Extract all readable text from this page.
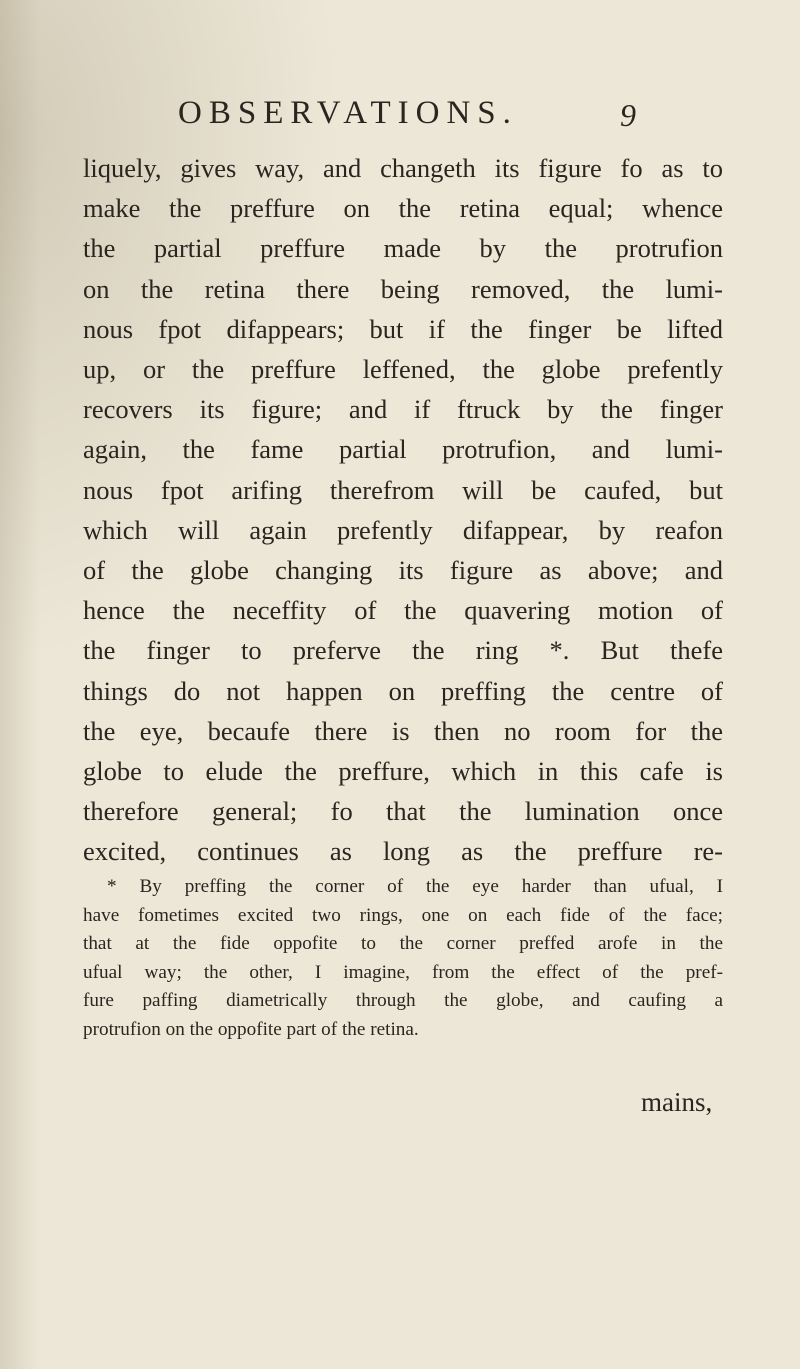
OBSERVATIONS.	9
liquely, gives way, and changeth its figure fo as to
make the preffure on the retina equal; whence
the partial preffure made by the protrufion
on the retina there being removed, the lumi-
nous fpot difappears; but if the finger be lifted
up, or the preffure leffened, the globe prefently
recovers its figure; and if ftruck by the finger
again, the fame partial protrufion, and lumi-
nous fpot arifing therefrom will be caufed, but
which will again prefently difappear, by reafon
of the globe changing its figure as above; and
hence the neceffity of the quavering motion of
the finger to preferve the ring *. But thefe
things do not happen on preffing the centre of
the eye, becaufe there is then no room for the
globe to elude the preffure, which in this cafe is
therefore general; fo that the lumination once
excited, continues as long as the preffure re-
* By preffing the corner of the eye harder than ufual, I
have fometimes excited two rings, one on each fide of the face;
that at the fide oppofite to the corner preffed arofe in the
ufual way; the other, I imagine, from the effect of the pref-
fure paffing diametrically through the globe, and caufing a
protrufion on the oppofite part of the retina.
mains,
